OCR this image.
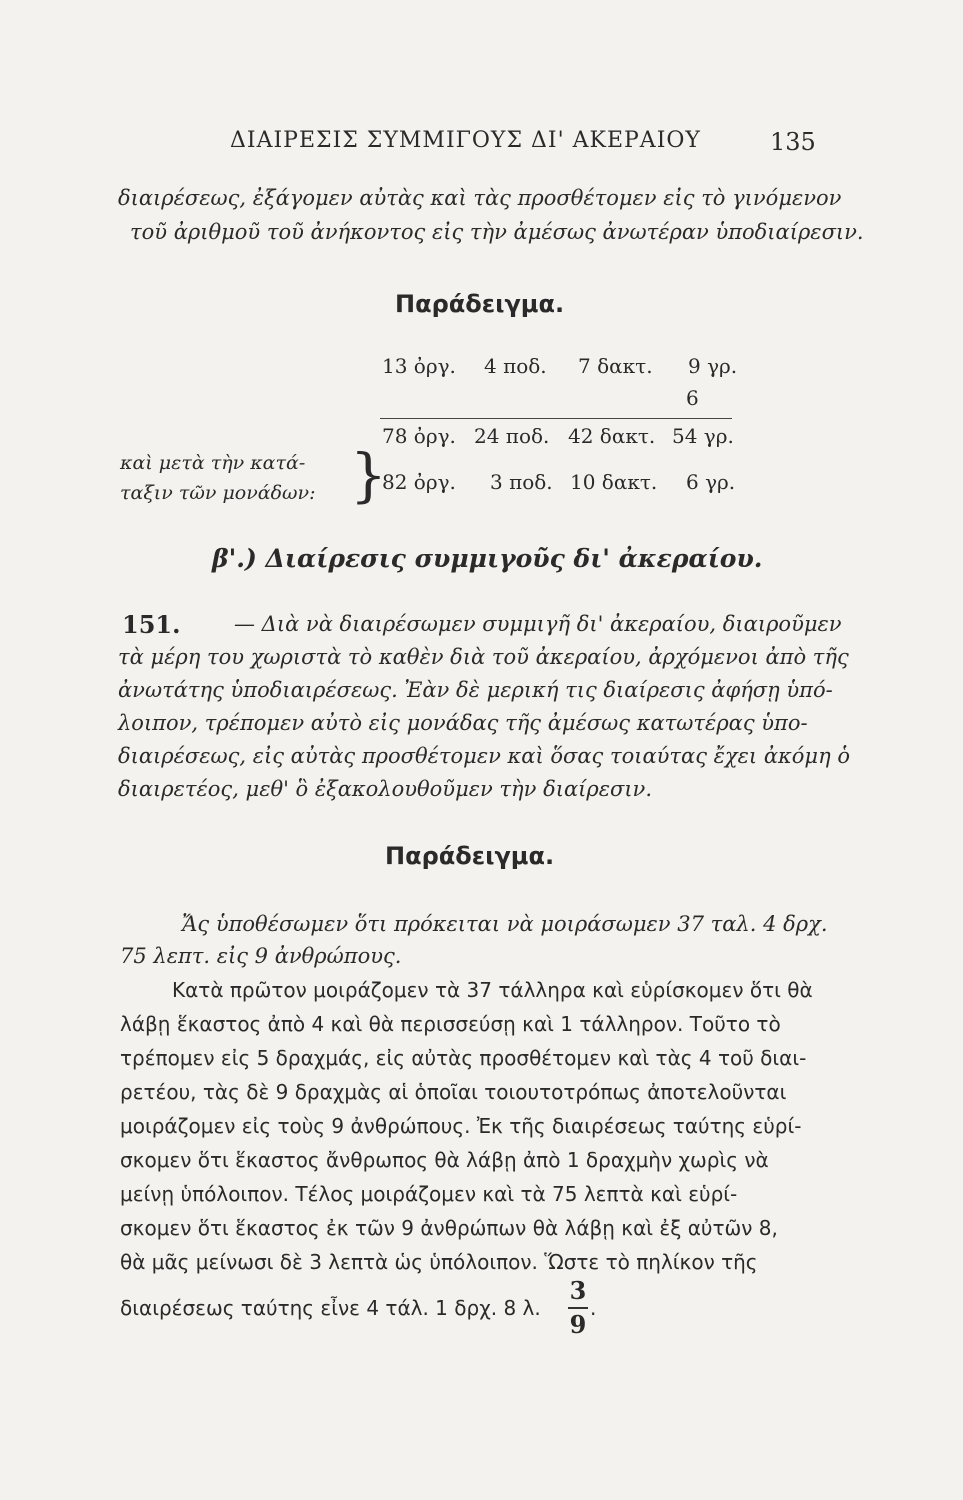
ΔΙΑΙΡΕΣΙΣ ΣΥΜΜΙΓΟΥΣ ΔΙ' ΑΚΕΡΑΙΟΥ	135
διαιρέσεως, ἐξάγομεν αὐτὰς καὶ τὰς προσθέτομεν εἰς τὸ γινόμενον
τοῦ ἀριθμοῦ τοῦ ἀνήκοντος εἰς τὴν ἀμέσως ἀνωτέραν ὑποδιαίρεσιν.
Παράδειγμα.
13 ὀργ. 4 ποδ. 7 δακτ. 9 γρ.
6
78 ὀργ. 24 ποδ. 42 δακτ. 54 γρ.
82 ὀργ. 3 ποδ. 10 δακτ. 6 γρ.
καὶ μετὰ τὴν κατά-
ταξιν τῶν μονάδων: }
β'.) Διαίρεσις συμμιγοῦς δι' ἀκεραίου.
151.	— Διὰ νὰ διαιρέσωμεν συμμιγῆ δι' ἀκεραίου, διαιροῦμεν
τὰ μέρη του χωριστὰ τὸ καθὲν διὰ τοῦ ἀκεραίου, ἀρχόμενοι ἀπὸ τῆς
ἀνωτάτης ὑποδιαιρέσεως. Ἐὰν δὲ μερική τις διαίρεσις ἀφήσῃ ὑπό-
λοιπον, τρέπομεν αὐτὸ εἰς μονάδας τῆς ἀμέσως κατωτέρας ὑπο-
διαιρέσεως, εἰς αὐτὰς προσθέτομεν καὶ ὅσας τοιαύτας ἔχει ἀκόμη ὁ
διαιρετέος, μεθ' ὃ ἐξακολουθοῦμεν τὴν διαίρεσιν.
Παράδειγμα.
Ἄς ὑποθέσωμεν ὅτι πρόκειται νὰ μοιράσωμεν 37 ταλ. 4 δρχ.
75 λεπτ. εἰς 9 ἀνθρώπους.
Κατὰ πρῶτον μοιράζομεν τὰ 37 τάλληρα καὶ εὑρίσκομεν ὅτι θὰ
λάβῃ ἕκαστος ἀπὸ 4 καὶ θὰ περισσεύσῃ καὶ 1 τάλληρον. Τοῦτο τὸ
τρέπομεν εἰς 5 δραχμάς, εἰς αὐτὰς προσθέτομεν καὶ τὰς 4 τοῦ διαι-
ρετέου, τὰς δὲ 9 δραχμὰς αἱ ὁποῖαι τοιουτοτρόπως ἀποτελοῦνται
μοιράζομεν εἰς τοὺς 9 ἀνθρώπους. Ἐκ τῆς διαιρέσεως ταύτης εὑρί-
σκομεν ὅτι ἕκαστος ἄνθρωπος θὰ λάβῃ ἀπὸ 1 δραχμὴν χωρὶς νὰ
μείνῃ ὑπόλοιπον. Τέλος μοιράζομεν καὶ τὰ 75 λεπτὰ καὶ εὑρί-
σκομεν ὅτι ἕκαστος ἐκ τῶν 9 ἀνθρώπων θὰ λάβῃ καὶ ἐξ αὐτῶν 8,
θὰ μᾶς μείνωσι δὲ 3 λεπτὰ ὡς ὑπόλοιπον. Ὥστε τὸ πηλίκον τῆς
διαιρέσεως ταύτης εἶνε 4 τάλ. 1 δρχ. 8 λ.
3
9
.
